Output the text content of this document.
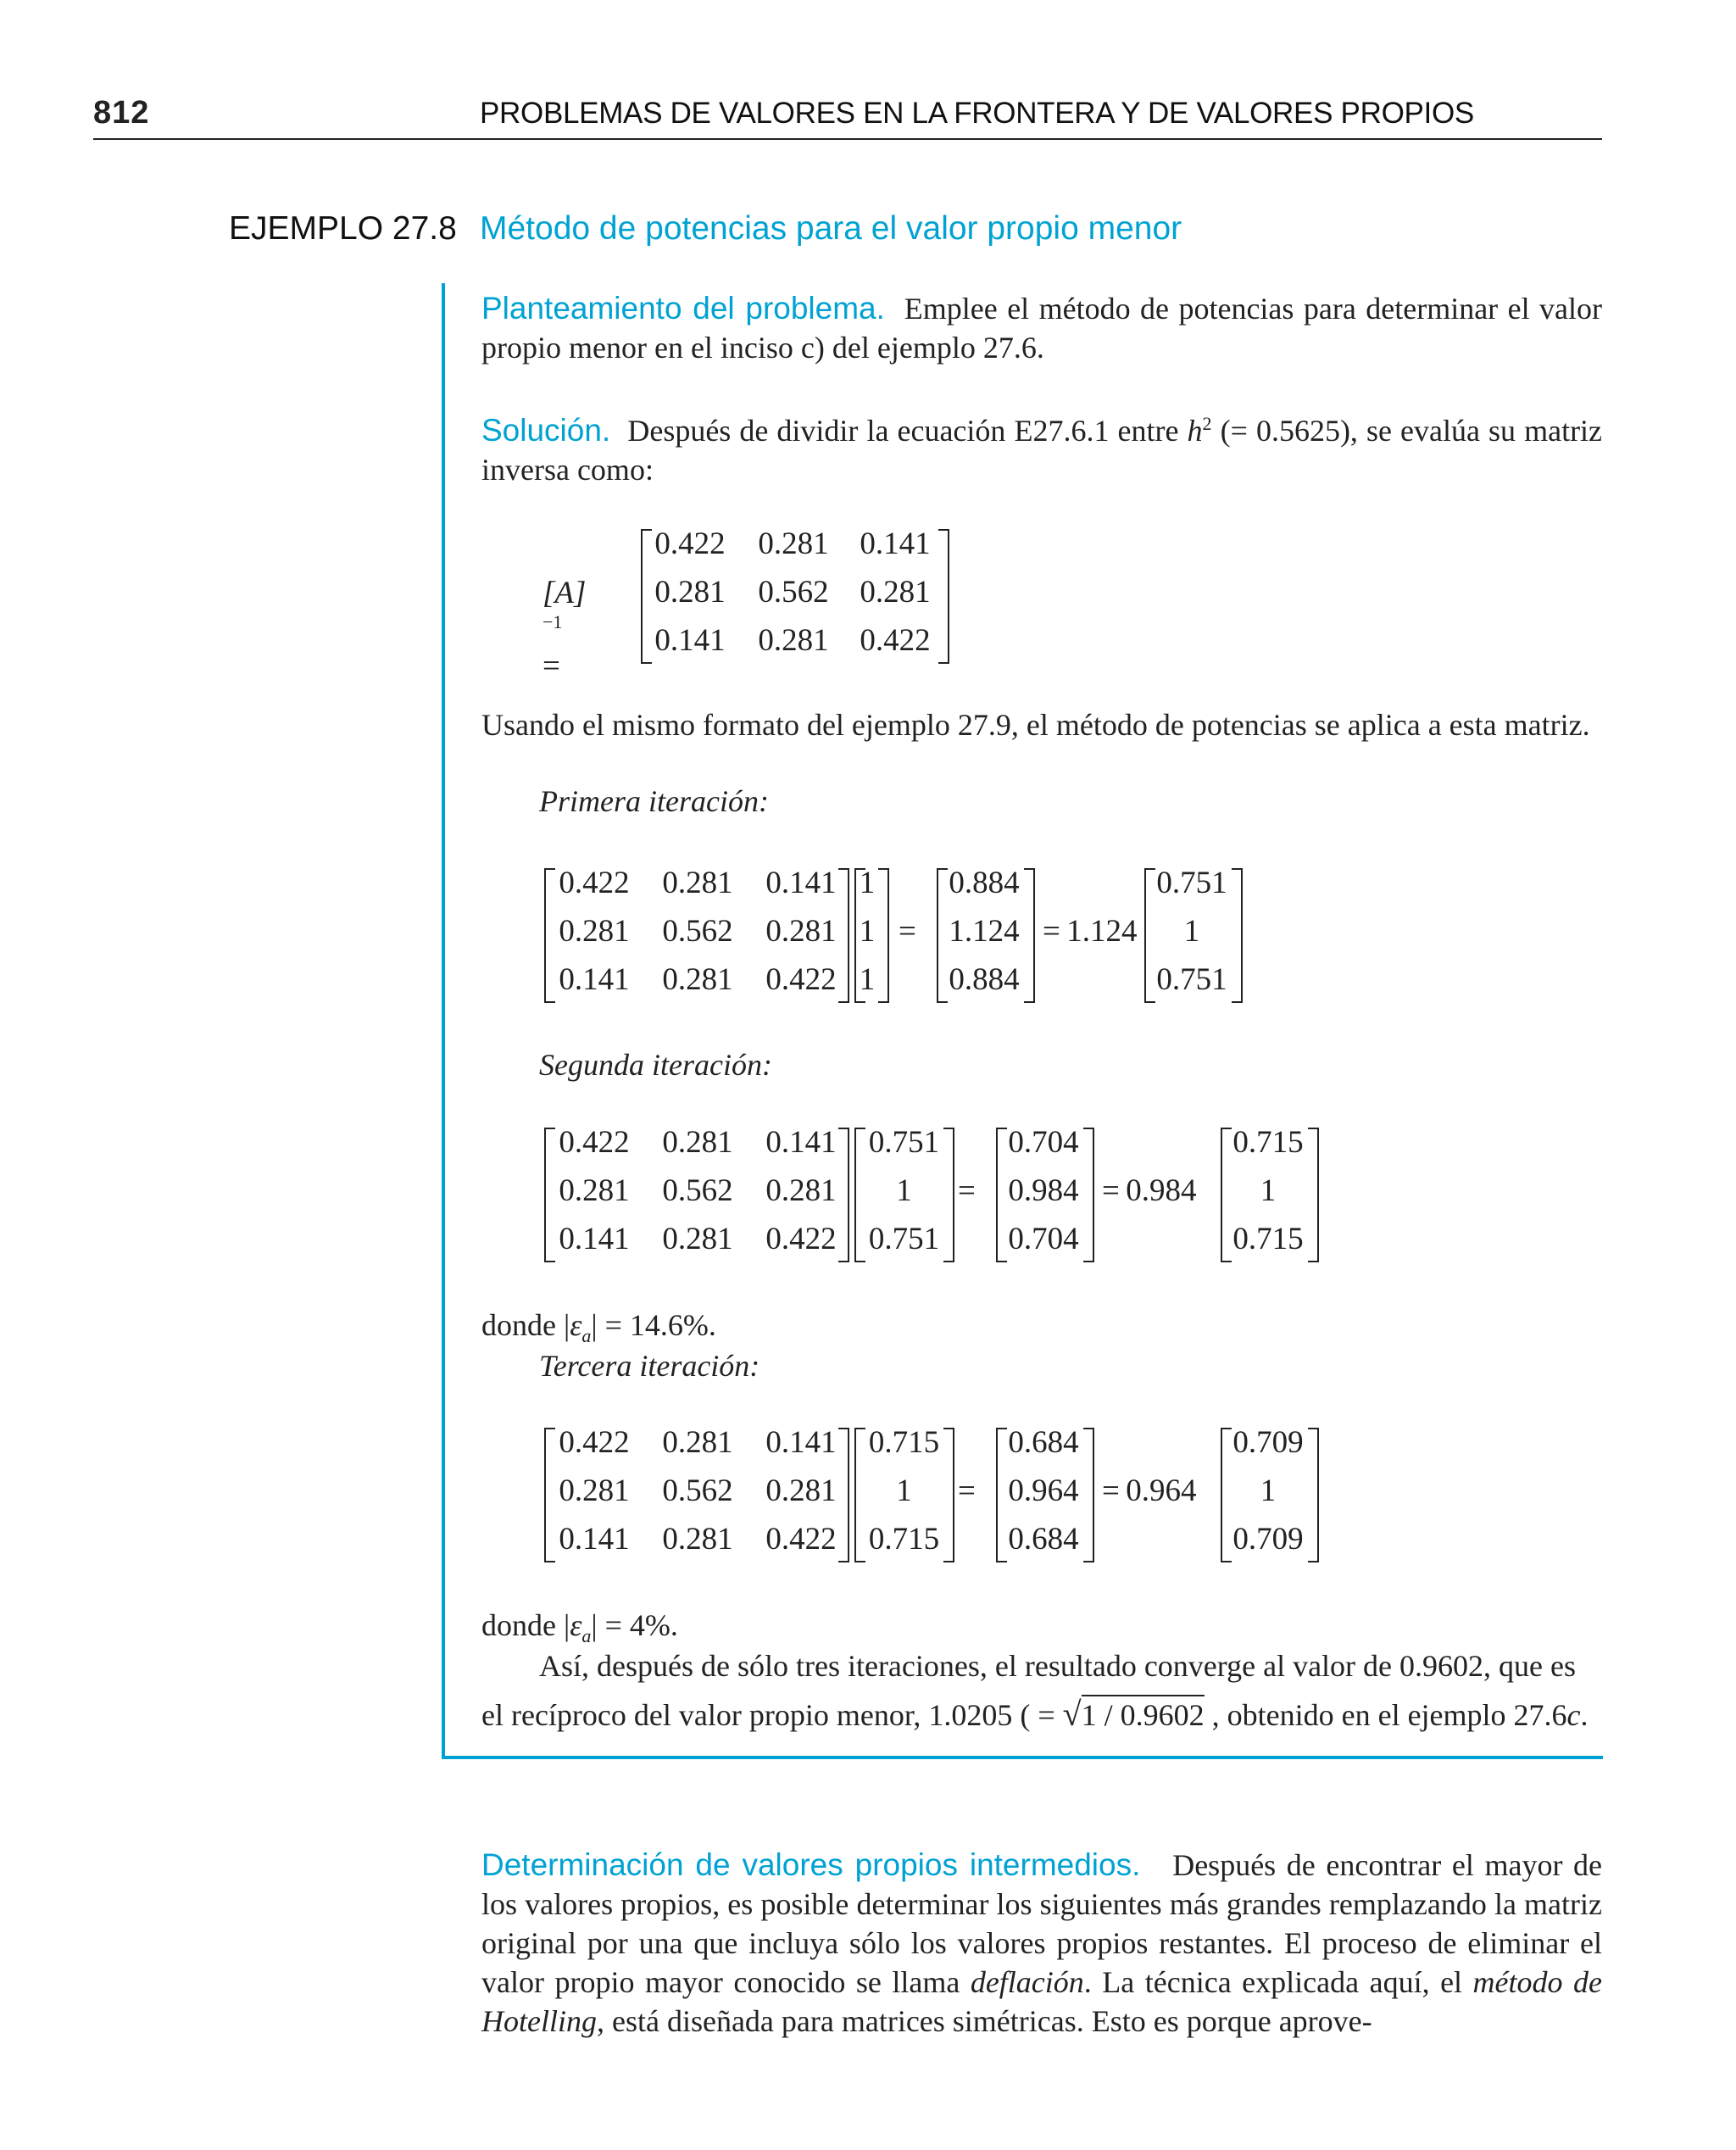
812	PROBLEMAS DE VALORES EN LA FRONTERA Y DE VALORES PROPIOS
EJEMPLO 27.8 Método de potencias para el valor propio menor
Planteamiento del problema. Emplee el método de potencias para determinar el valor propio menor en el inciso c) del ejemplo 27.6.
Solución. Después de dividir la ecuación E27.6.1 entre $h^2$ (= 0.5625), se evalúa su matriz inversa como:
$[A]^{-1}$ =
0.422	0.281 0.141
0.281	0.562 0.281
0.141	0.281 0.422
Usando el mismo formato del ejemplo 27.9, el método de potencias se aplica a esta matriz.
Primera iteración:
Segunda iteración:
Tercera iteración:
donde $|\varepsilon_a| = 14.6\%$.
donde $|\varepsilon_a| = 4\%$.
0.422	0.281	0.141
0.281	0.562	0.281
0.141	0.281	0.422
1
1
1
=
0.884
1.124
0.884
= 1.124
0.751
1
0.751
0.422	0.281	0.141
0.281	0.562	0.281
0.141	0.281	0.422
0.751
1
0.751
=
0.704
0.984
0.704
= 0.984
0.715
1
0.715
0.422	0.281	0.141
0.281	0.562	0.281
0.141	0.281	0.422
0.715
1
0.715
=
0.684
0.964
0.684
= 0.964
0.709
1
0.709
Así, después de sólo tres iteraciones, el resultado converge al valor de 0.9602, que es
el recíproco del valor propio menor, 1.0205 ( = √1 / 0.9602 , obtenido en el ejemplo 27.6c.
Determinación de valores propios intermedios. Después de encontrar el mayor de los valores propios, es posible determinar los siguientes más grandes remplazando la matriz original por una que incluya sólo los valores propios restantes. El proceso de eliminar el valor propio mayor conocido se llama deflación. La técnica explicada aquí, el método de Hotelling, está diseñada para matrices simétricas. Esto es porque aprove-
